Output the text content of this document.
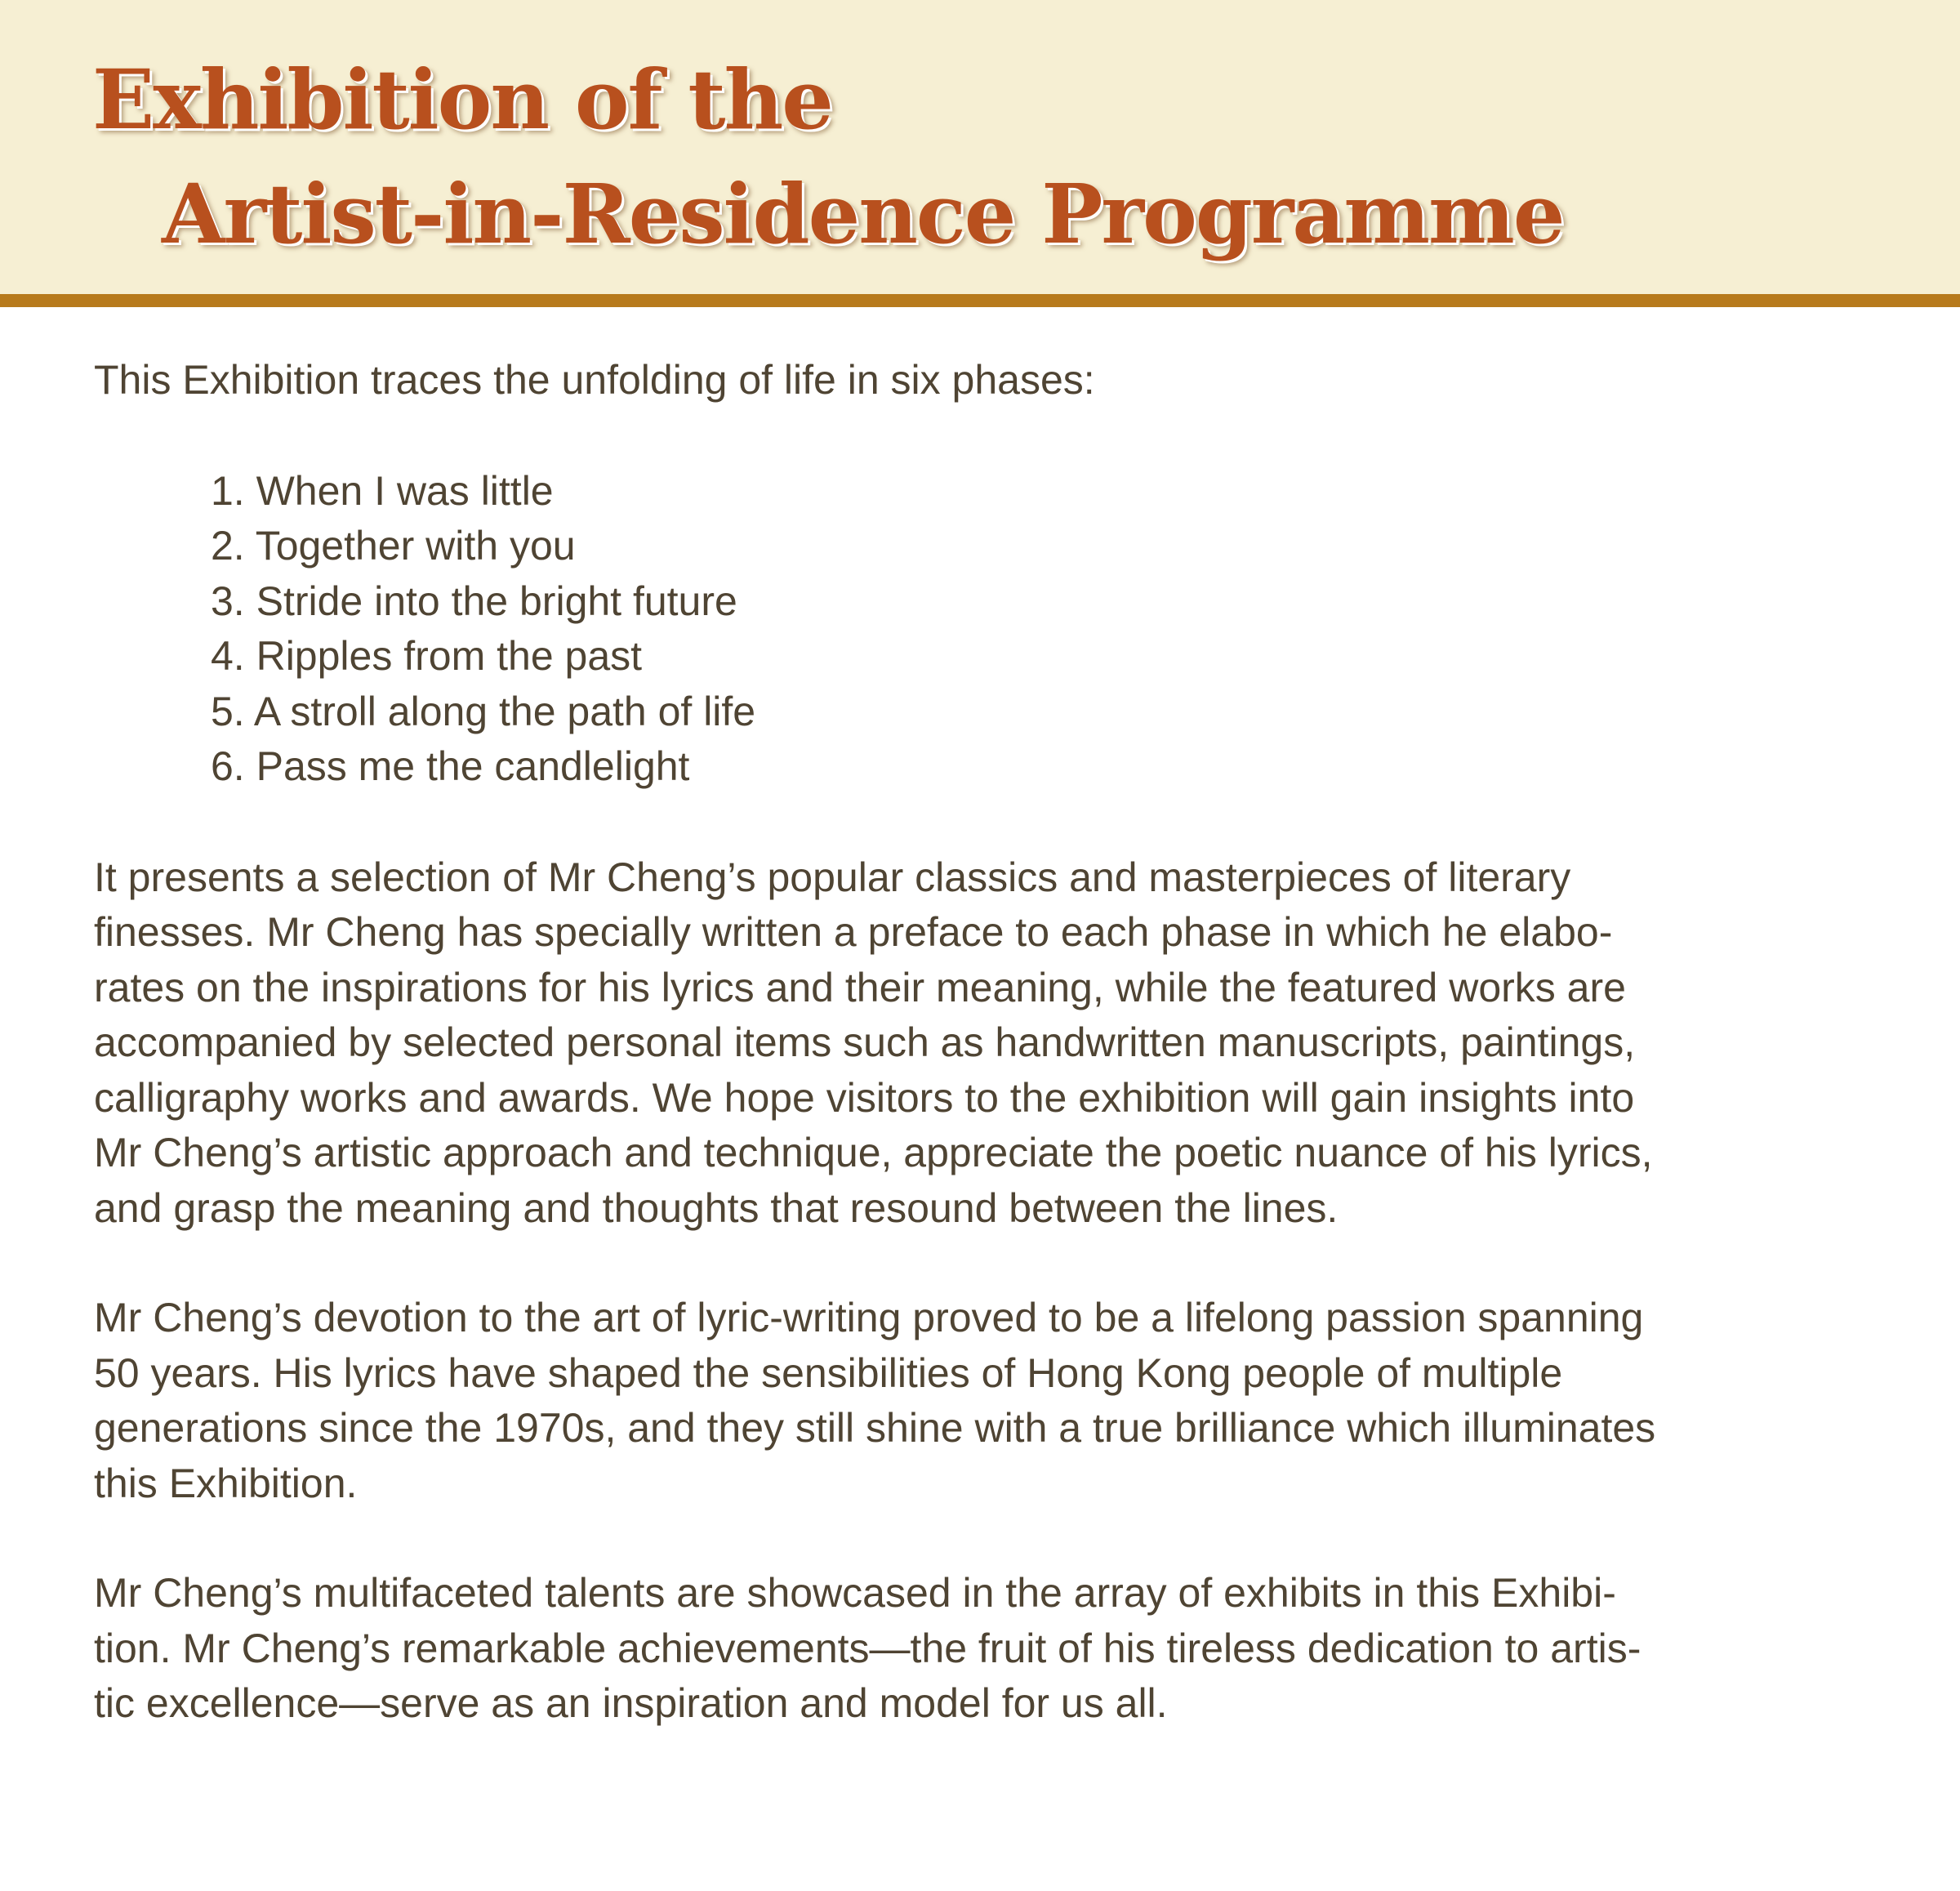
Exhibition of the
Artist-in-Residence Programme

This Exhibition traces the unfolding of life in six phases:

1. When I was little
2. Together with you
3. Stride into the bright future
4. Ripples from the past
5. A stroll along the path of life
6. Pass me the candlelight

It presents a selection of Mr Cheng’s popular classics and masterpieces of literary
finesses. Mr Cheng has specially written a preface to each phase in which he elabo-
rates on the inspirations for his lyrics and their meaning, while the featured works are
accompanied by selected personal items such as handwritten manuscripts, paintings,
calligraphy works and awards. We hope visitors to the exhibition will gain insights into
Mr Cheng’s artistic approach and technique, appreciate the poetic nuance of his lyrics,
and grasp the meaning and thoughts that resound between the lines.

Mr Cheng’s devotion to the art of lyric-writing proved to be a lifelong passion spanning
50 years. His lyrics have shaped the sensibilities of Hong Kong people of multiple
generations since the 1970s, and they still shine with a true brilliance which illuminates
this Exhibition.

Mr Cheng’s multifaceted talents are showcased in the array of exhibits in this Exhibi-
tion. Mr Cheng’s remarkable achievements—the fruit of his tireless dedication to artis-
tic excellence—serve as an inspiration and model for us all.
